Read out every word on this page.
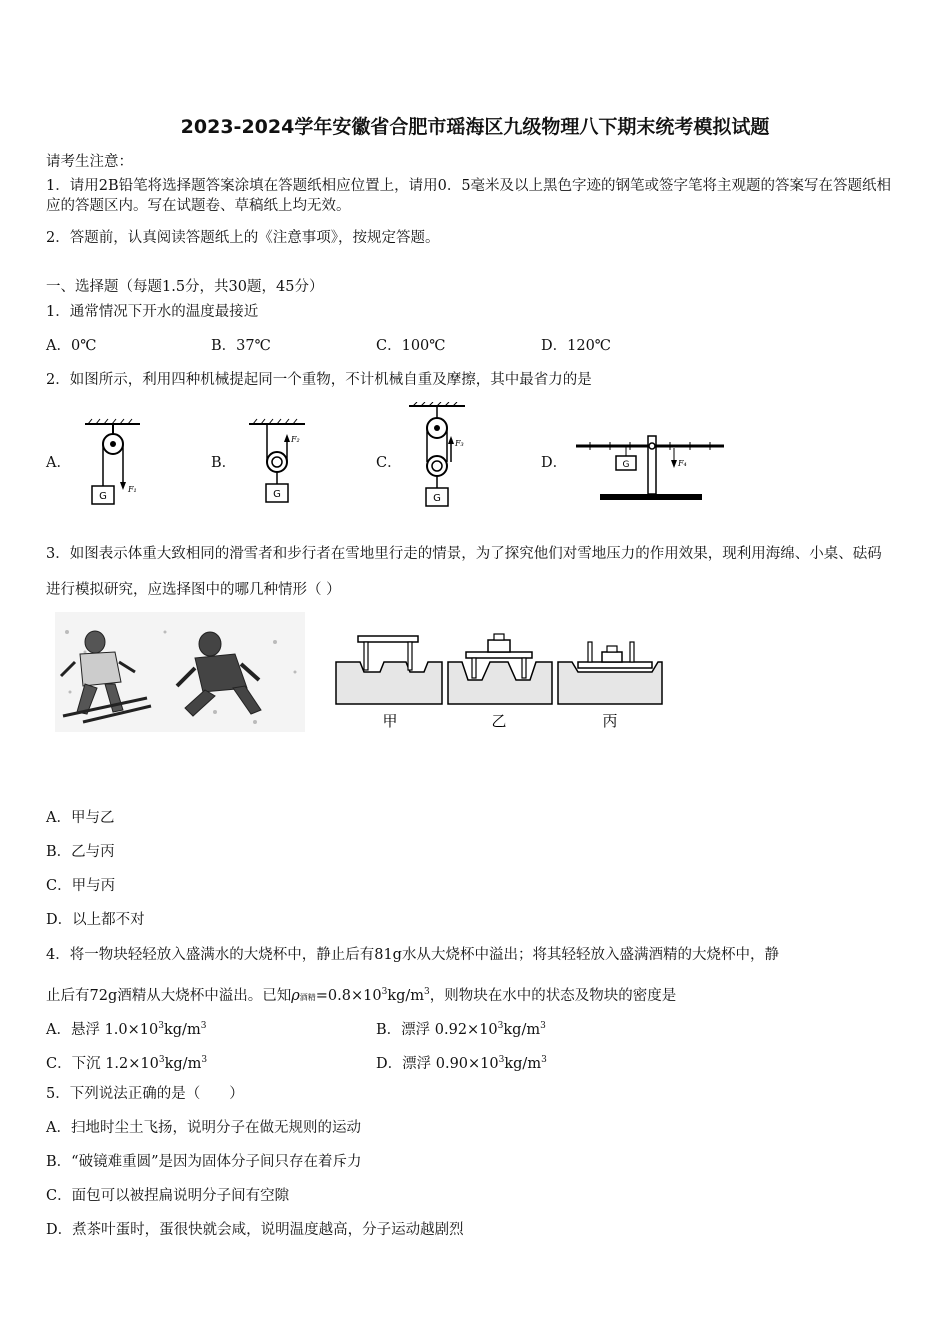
2023-2024学年安徽省合肥市瑶海区九级物理八下期末统考模拟试题
请考生注意：
1．请用2B铅笔将选择题答案涂填在答题纸相应位置上，请用0．5毫米及以上黑色字迹的钢笔或签字笔将主观题的答案写在答题纸相应的答题区内。写在试题卷、草稿纸上均无效。
2．答题前，认真阅读答题纸上的《注意事项》，按规定答题。
一、选择题（每题1.5分，共30题，45分）
1．通常情况下开水的温度最接近
A．0℃	B．37℃	C．100℃	D．120℃
2．如图所示，利用四种机械提起同一个重物，不计机械自重及摩擦，其中最省力的是
A．	B．	C．	D．
G
F₁
F₂
G
F₃
G
G	F₄
3．如图表示体重大致相同的滑雪者和步行者在雪地里行走的情景，为了探究他们对雪地压力的作用效果，现利用海绵、小桌、砝码进行模拟研究，应选择图中的哪几种情形（ ）
甲	乙	丙
A．甲与乙
B．乙与丙
C．甲与丙
D．以上都不对
4．将一物块轻轻放入盛满水的大烧杯中，静止后有81g水从大烧杯中溢出；将其轻轻放入盛满酒精的大烧杯中，静
止后有72g酒精从大烧杯中溢出。已知ρ酒精$=0.8\times 10^3kg/m^3$，则物块在水中的状态及物块的密度是
A．悬浮 $1.0\times 10^3kg/m^3$	B．漂浮 $0.92\times 10^3kg/m^3$
C．下沉 $1.2\times 10^3kg/m^3$	D．漂浮 $0.90\times 10^3kg/m^3$
5．下列说法正确的是（　　）
A．扫地时尘土飞扬，说明分子在做无规则的运动
B．“破镜难重圆”是因为固体分子间只存在着斥力
C．面包可以被捏扁说明分子间有空隙
D．煮茶叶蛋时，蛋很快就会咸，说明温度越高，分子运动越剧烈
